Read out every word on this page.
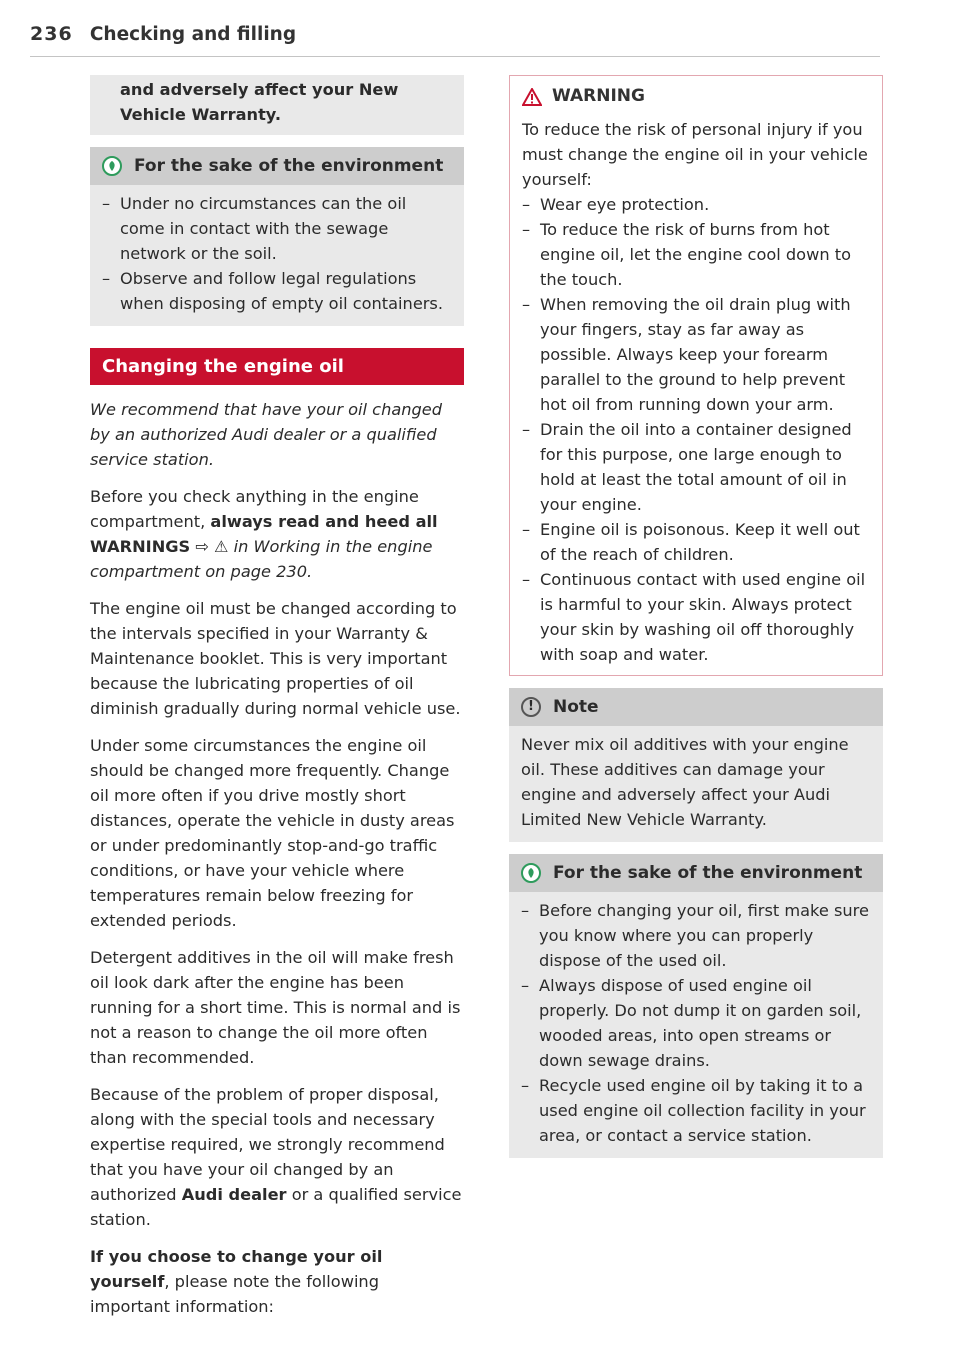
236 Checking and filling
and adversely affect your New Vehicle Warranty.
For the sake of the environment
– Under no circumstances can the oil come in contact with the sewage network or the soil.
– Observe and follow legal regulations when disposing of empty oil containers.
Changing the engine oil

We recommend that have your oil changed by an authorized Audi dealer or a qualified service station.

Before you check anything in the engine compartment, always read and heed all WARNINGS ⇨ ⚠ in Working in the engine compartment on page 230.

The engine oil must be changed according to the intervals specified in your Warranty & Maintenance booklet. This is very important because the lubricating properties of oil diminish gradually during normal vehicle use.

Under some circumstances the engine oil should be changed more frequently. Change oil more often if you drive mostly short distances, operate the vehicle in dusty areas or under predominantly stop-and-go traffic conditions, or have your vehicle where temperatures remain below freezing for extended periods.

Detergent additives in the oil will make fresh oil look dark after the engine has been running for a short time. This is normal and is not a reason to change the oil more often than recommended.

Because of the problem of proper disposal, along with the special tools and necessary expertise required, we strongly recommend that you have your oil changed by an authorized Audi dealer or a qualified service station.

If you choose to change your oil yourself, please note the following important information:

WARNING
To reduce the risk of personal injury if you must change the engine oil in your vehicle yourself:
– Wear eye protection.
– To reduce the risk of burns from hot engine oil, let the engine cool down to the touch.
– When removing the oil drain plug with your fingers, stay as far away as possible. Always keep your forearm parallel to the ground to help prevent hot oil from running down your arm.
– Drain the oil into a container designed for this purpose, one large enough to hold at least the total amount of oil in your engine.
– Engine oil is poisonous. Keep it well out of the reach of children.
– Continuous contact with used engine oil is harmful to your skin. Always protect your skin by washing oil off thoroughly with soap and water.
!	Note
Never mix oil additives with your engine oil. These additives can damage your engine and adversely affect your Audi Limited New Vehicle Warranty.
For the sake of the environment
– Before changing your oil, first make sure you know where you can properly dispose of the used oil.
– Always dispose of used engine oil properly. Do not dump it on garden soil, wooded areas, into open streams or down sewage drains.
– Recycle used engine oil by taking it to a used engine oil collection facility in your area, or contact a service station.
